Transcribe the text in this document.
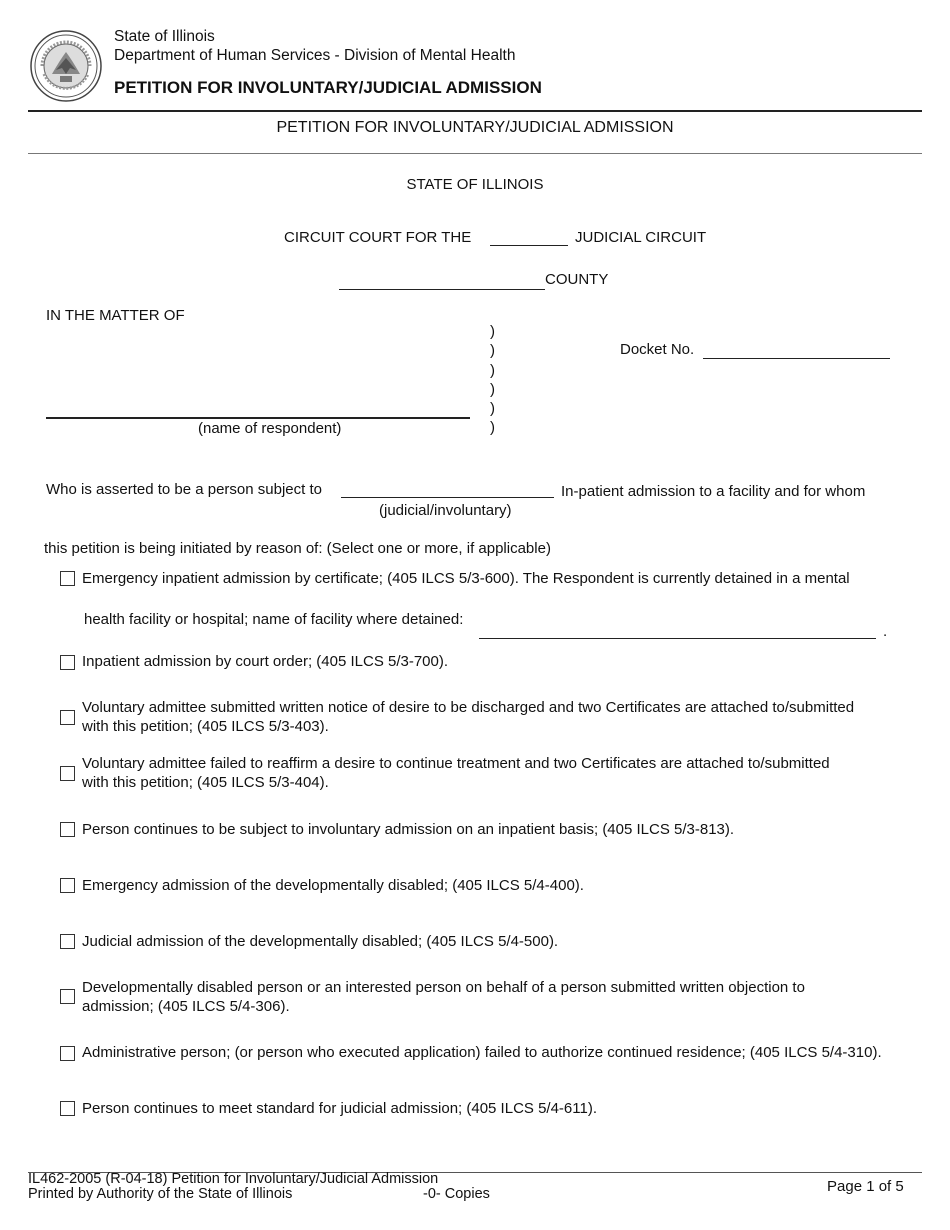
State of Illinois
Department of Human Services - Division of Mental Health
PETITION FOR INVOLUNTARY/JUDICIAL ADMISSION
PETITION FOR INVOLUNTARY/JUDICIAL ADMISSION
STATE OF ILLINOIS
CIRCUIT COURT FOR THE	JUDICIAL CIRCUIT
COUNTY
IN THE MATTER OF
)
)
)
)
)
)
Docket No.
(name of respondent)
Who is asserted to be a person subject to	In-patient admission to a facility and for whom
(judicial/involuntary)
this petition is being initiated by reason of: (Select one or more, if applicable)
Emergency inpatient admission by certificate; (405 ILCS 5/3-600). The Respondent is currently detained in a mental
health facility or hospital; name of facility where detained:
.
Inpatient admission by court order; (405 ILCS 5/3-700).
Voluntary admittee submitted written notice of desire to be discharged and two Certificates are attached to/submitted
with this petition; (405 ILCS 5/3-403).
Voluntary admittee failed to reaffirm a desire to continue treatment and two Certificates are attached to/submitted
with this petition; (405 ILCS 5/3-404).
Person continues to be subject to involuntary admission on an inpatient basis; (405 ILCS 5/3-813).
Emergency admission of the developmentally disabled; (405 ILCS 5/4-400).
Judicial admission of the developmentally disabled; (405 ILCS 5/4-500).
Developmentally disabled person or an interested person on behalf of a person submitted written objection to
admission; (405 ILCS 5/4-306).
Administrative person; (or person who executed application) failed to authorize continued residence; (405 ILCS 5/4-310).
Person continues to meet standard for judicial admission; (405 ILCS 5/4-611).
IL462-2005 (R-04-18) Petition for Involuntary/Judicial Admission
Printed by Authority of the State of Illinois	-0- Copies	Page 1 of 5
